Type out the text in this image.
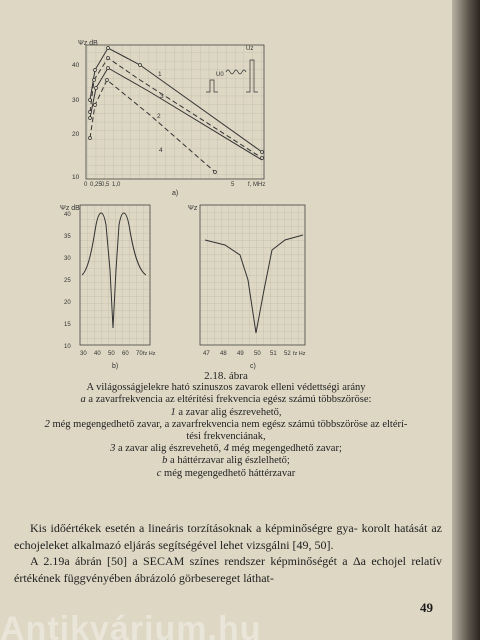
Ψz dB
10
20
30
40
0 0,25 0,5 1,0	5 f, MHz
a)
1
2
3
4
Uz
U0
Ψz dB
10
15
20
25
30
35
40
30 40 50 60 70 fz Hz
b)
Ψz
47 48 49 50 51 52 fz Hz
c)
2.18. ábra
A világosságjelekre ható szinuszos zavarok elleni védettségi arány
a a zavarfrekvencia az eltérítési frekvencia egész számú többszöröse:
1 a zavar alig észrevehető,
2 még megengedhető zavar, a zavarfrekvencia nem egész számú többszöröse az eltérí-
tési frekvenciának,
3 a zavar alig észrevehető, 4 még megengedhető zavar;
b a háttérzavar alig észlelhető;
c még megengedhető háttérzavar

Kis időértékek esetén a lineáris torzításoknak a képminőségre gya- korolt hatását az echojeleket alkalmazó eljárás segítségével lehet vizsgálni [49, 50].

A 2.19a ábrán [50] a SECAM színes rendszer képminőségét a Δa echojel relatív értékének függvényében ábrázoló görbesereget láthat-

49
Antikvárium.hu
